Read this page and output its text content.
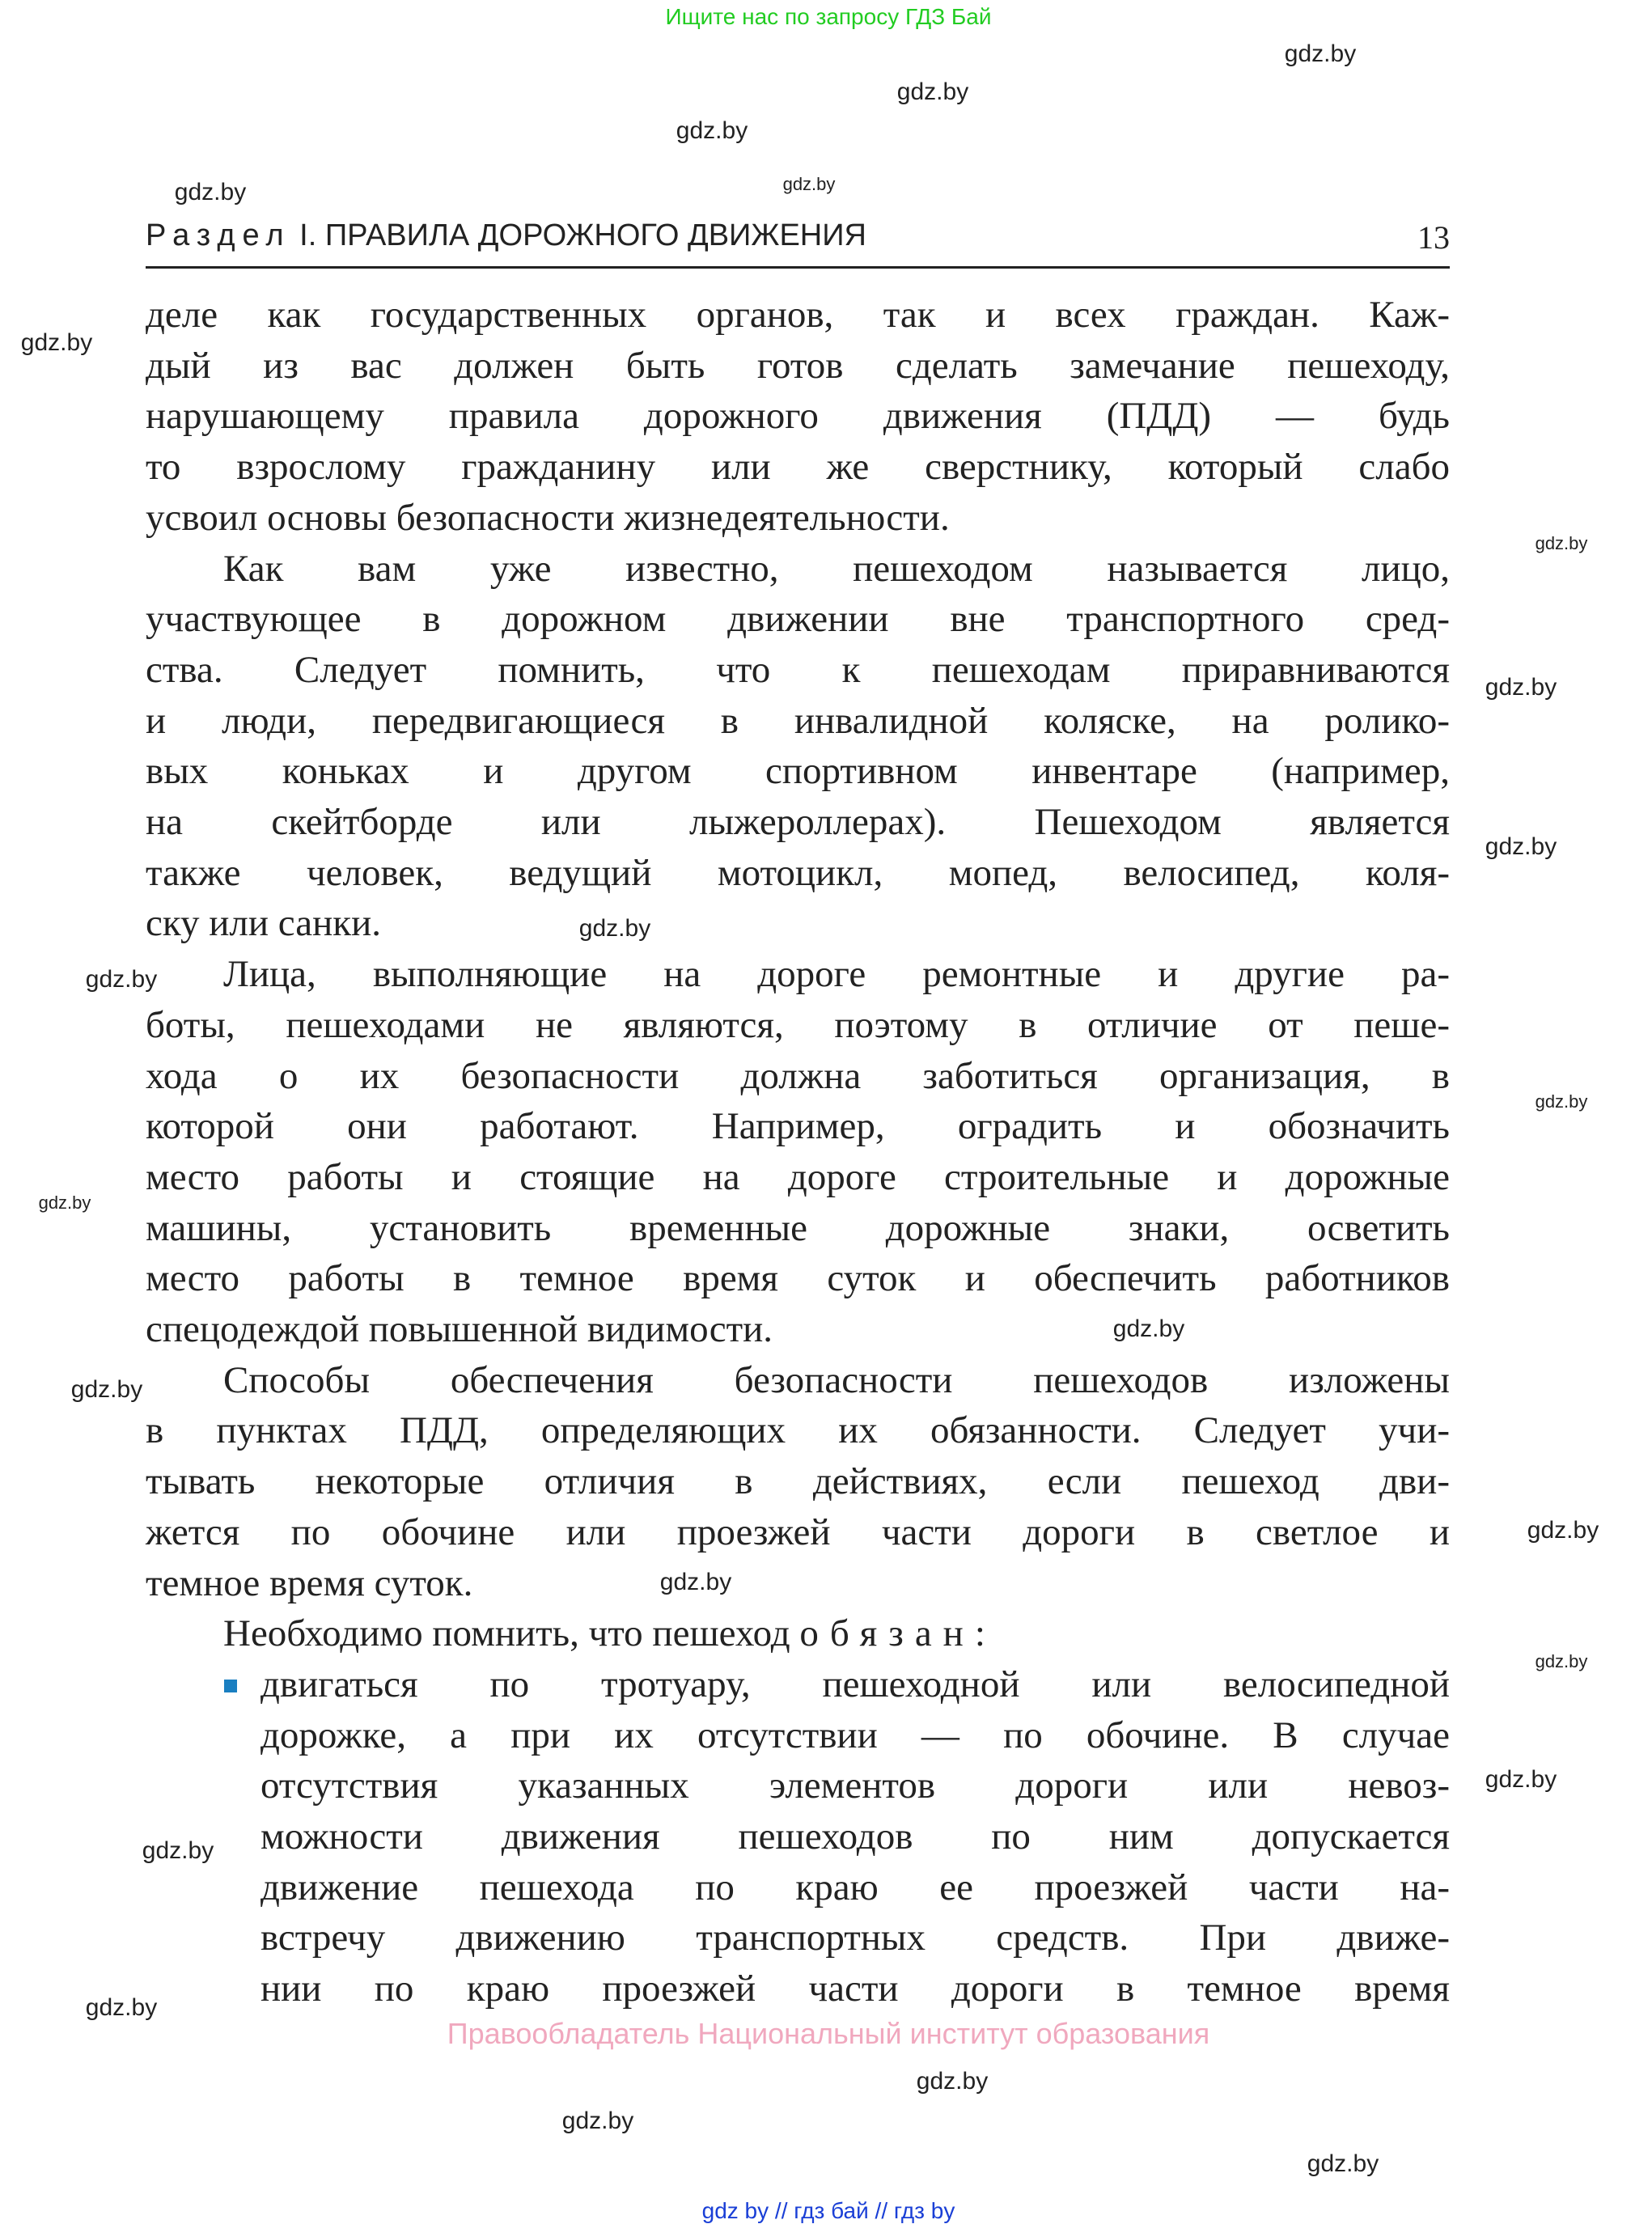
Ищите нас по запросу ГДЗ Бай
gdz.by
gdz.by
gdz.by
gdz.by	gdz.by
gdz.by
gdz.by
gdz.by
gdz.by
gdz.by
gdz.by
gdz.by
gdz.by
gdz.by
gdz.by
gdz.by
gdz.by
gdz.by
gdz.by
gdz.by
gdz.by
gdz.by
gdz.by
gdz.by
Раздел I. ПРАВИЛА ДОРОЖНОГО ДВИЖЕНИЯ	13
деле как государственных органов, так и всех граждан. Каж-
дый из вас должен быть готов сделать замечание пешеходу,
нарушающему правила дорожного движения (ПДД) — будь
то взрослому гражданину или же сверстнику, который слабо
усвоил основы безопасности жизнедеятельности.
Как вам уже известно, пешеходом называется лицо,
участвующее в дорожном движении вне транспортного сред-
ства. Следует помнить, что к пешеходам приравниваются
и люди, передвигающиеся в инвалидной коляске, на ролико-
вых коньках и другом спортивном инвентаре (например,
на скейтборде или лыжероллерах). Пешеходом является
также человек, ведущий мотоцикл, мопед, велосипед, коля-
ску или санки.
Лица, выполняющие на дороге ремонтные и другие ра-
боты, пешеходами не являются, поэтому в отличие от пеше-
хода о их безопасности должна заботиться организация, в
которой они работают. Например, оградить и обозначить
место работы и стоящие на дороге строительные и дорожные
машины, установить временные дорожные знаки, осветить
место работы в темное время суток и обеспечить работников
спецодеждой повышенной видимости.
Способы обеспечения безопасности пешеходов изложены
в пунктах ПДД, определяющих их обязанности. Следует учи-
тывать некоторые отличия в действиях, если пешеход дви-
жется по обочине или проезжей части дороги в светлое и
темное время суток.
Необходимо помнить, что пешеход обязан:
двигаться по тротуару, пешеходной или велосипедной
дорожке, а при их отсутствии — по обочине. В случае
отсутствия указанных элементов дороги или невоз-
можности движения пешеходов по ним допускается
движение пешехода по краю ее проезжей части на-
встречу движению транспортных средств. При движе-
нии по краю проезжей части дороги в темное время
Правообладатель Национальный институт образования
gdz by // гдз бай // гдз by
